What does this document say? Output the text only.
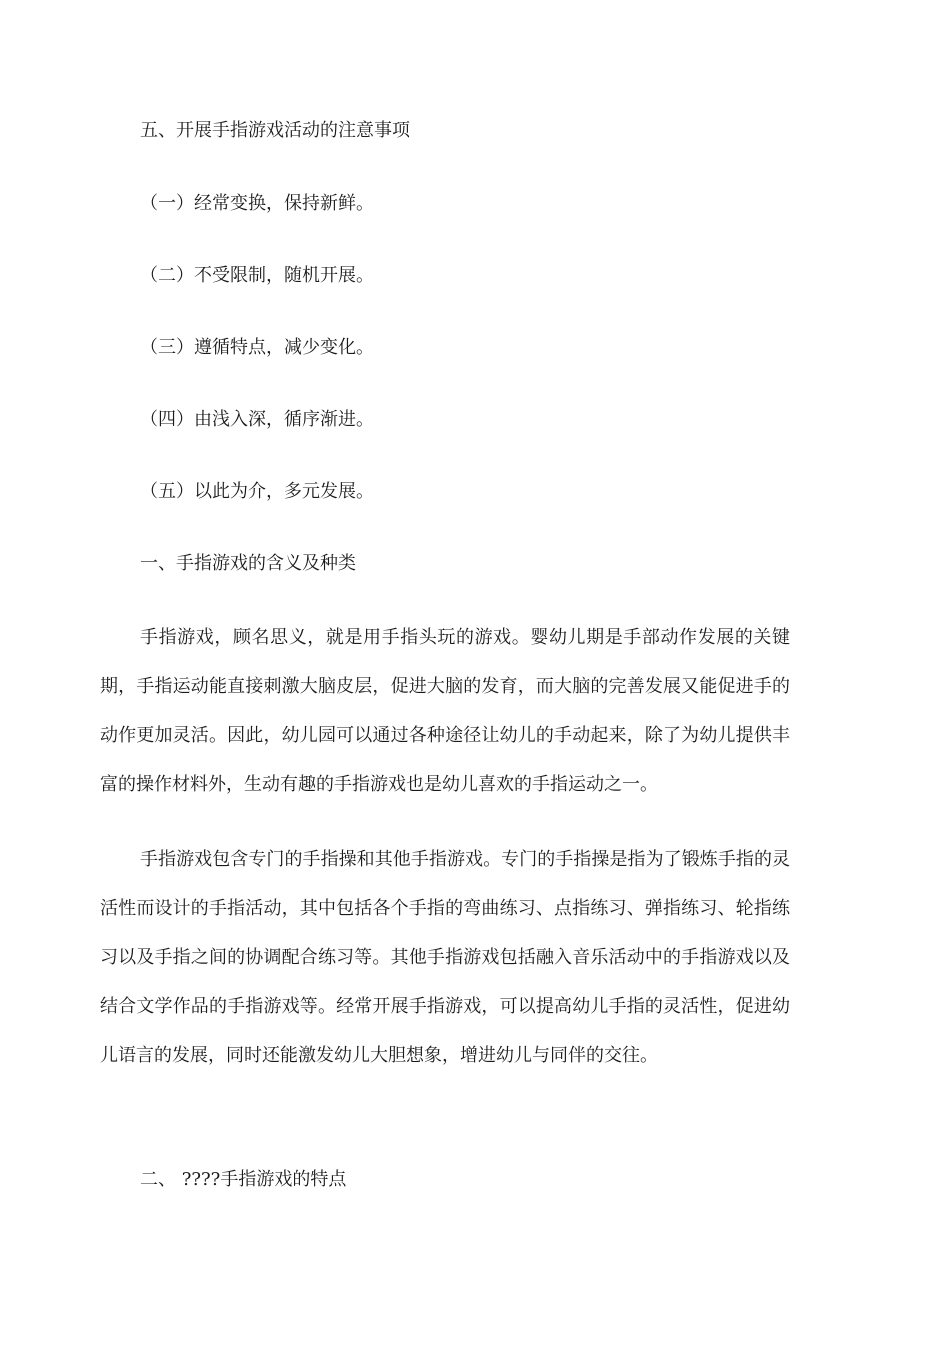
五、开展手指游戏活动的注意事项
（一）经常变换，保持新鲜。
（二）不受限制，随机开展。
（三）遵循特点，减少变化。
（四）由浅入深，循序渐进。
（五）以此为介，多元发展。
一、手指游戏的含义及种类

手指游戏，顾名思义，就是用手指头玩的游戏。婴幼儿期是手部动作发展的关键期，手指运动能直接刺激大脑皮层，促进大脑的发育，而大脑的完善发展又能促进手的动作更加灵活。因此，幼儿园可以通过各种途径让幼儿的手动起来，除了为幼儿提供丰富的操作材料外，生动有趣的手指游戏也是幼儿喜欢的手指运动之一。

手指游戏包含专门的手指操和其他手指游戏。专门的手指操是指为了锻炼手指的灵活性而设计的手指活动，其中包括各个手指的弯曲练习、点指练习、弹指练习、轮指练习以及手指之间的协调配合练习等。其他手指游戏包括融入音乐活动中的手指游戏以及结合文学作品的手指游戏等。经常开展手指游戏，可以提高幼儿手指的灵活性，促进幼儿语言的发展，同时还能激发幼儿大胆想象，增进幼儿与同伴的交往。

二、 ????手指游戏的特点
